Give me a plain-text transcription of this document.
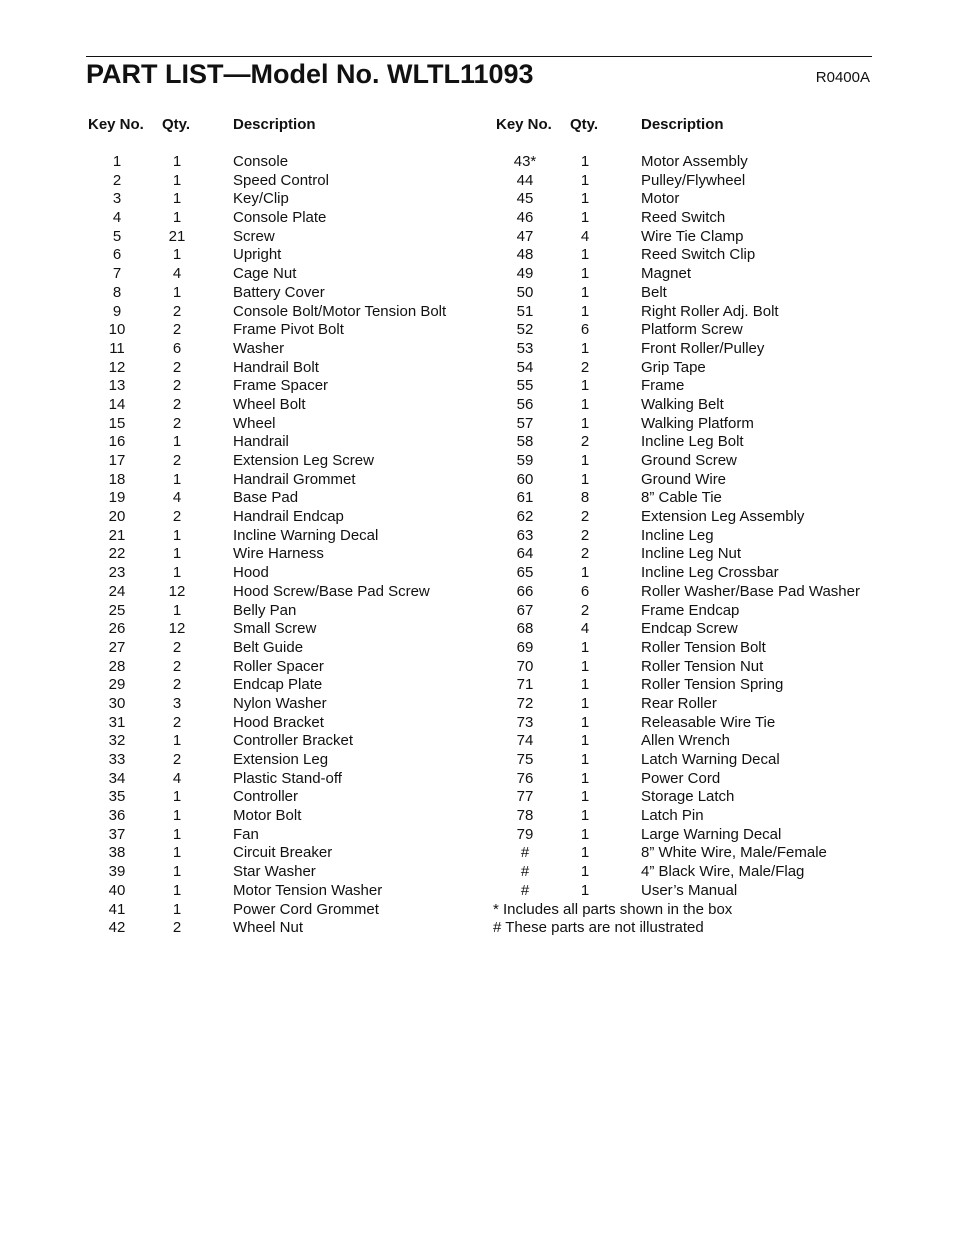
PART LIST—Model No. WLTL11093	R0400A
Key No. Qty.	Description	Key No. Qty.	Description
1	1	Console
2	1	Speed Control
3	1	Key/Clip
4	1	Console Plate
5	21	Screw
6	1	Upright
7	4	Cage Nut
8	1	Battery Cover
9	2	Console Bolt/Motor Tension Bolt
10	2	Frame Pivot Bolt
11	6	Washer
12	2	Handrail Bolt
13	2	Frame Spacer
14	2	Wheel Bolt
15	2	Wheel
16	1	Handrail
17	2	Extension Leg Screw
18	1	Handrail Grommet
19	4	Base Pad
20	2	Handrail Endcap
21	1	Incline Warning Decal
22	1	Wire Harness
23	1	Hood
24	12	Hood Screw/Base Pad Screw
25	1	Belly Pan
26	12	Small Screw
27	2	Belt Guide
28	2	Roller Spacer
29	2	Endcap Plate
30	3	Nylon Washer
31	2	Hood Bracket
32	1	Controller Bracket
33	2	Extension Leg
34	4	Plastic Stand-off
35	1	Controller
36	1	Motor Bolt
37	1	Fan
38	1	Circuit Breaker
39	1	Star Washer
40	1	Motor Tension Washer
41	1	Power Cord Grommet
42	2	Wheel Nut
43*	1	Motor Assembly
44	1	Pulley/Flywheel
45	1	Motor
46	1	Reed Switch
47	4	Wire Tie Clamp
48	1	Reed Switch Clip
49	1	Magnet
50	1	Belt
51	1	Right Roller Adj. Bolt
52	6	Platform Screw
53	1	Front Roller/Pulley
54	2	Grip Tape
55	1	Frame
56	1	Walking Belt
57	1	Walking Platform
58	2	Incline Leg Bolt
59	1	Ground Screw
60	1	Ground Wire
61	8	8” Cable Tie
62	2	Extension Leg Assembly
63	2	Incline Leg
64	2	Incline Leg Nut
65	1	Incline Leg Crossbar
66	6	Roller Washer/Base Pad Washer
67	2	Frame Endcap
68	4	Endcap Screw
69	1	Roller Tension Bolt
70	1	Roller Tension Nut
71	1	Roller Tension Spring
72	1	Rear Roller
73	1	Releasable Wire Tie
74	1	Allen Wrench
75	1	Latch Warning Decal
76	1	Power Cord
77	1	Storage Latch
78	1	Latch Pin
79	1	Large Warning Decal
#	1	8” White Wire, Male/Female
#	1	4” Black Wire, Male/Flag
#	1	User’s Manual
* Includes all parts shown in the box
# These parts are not illustrated
